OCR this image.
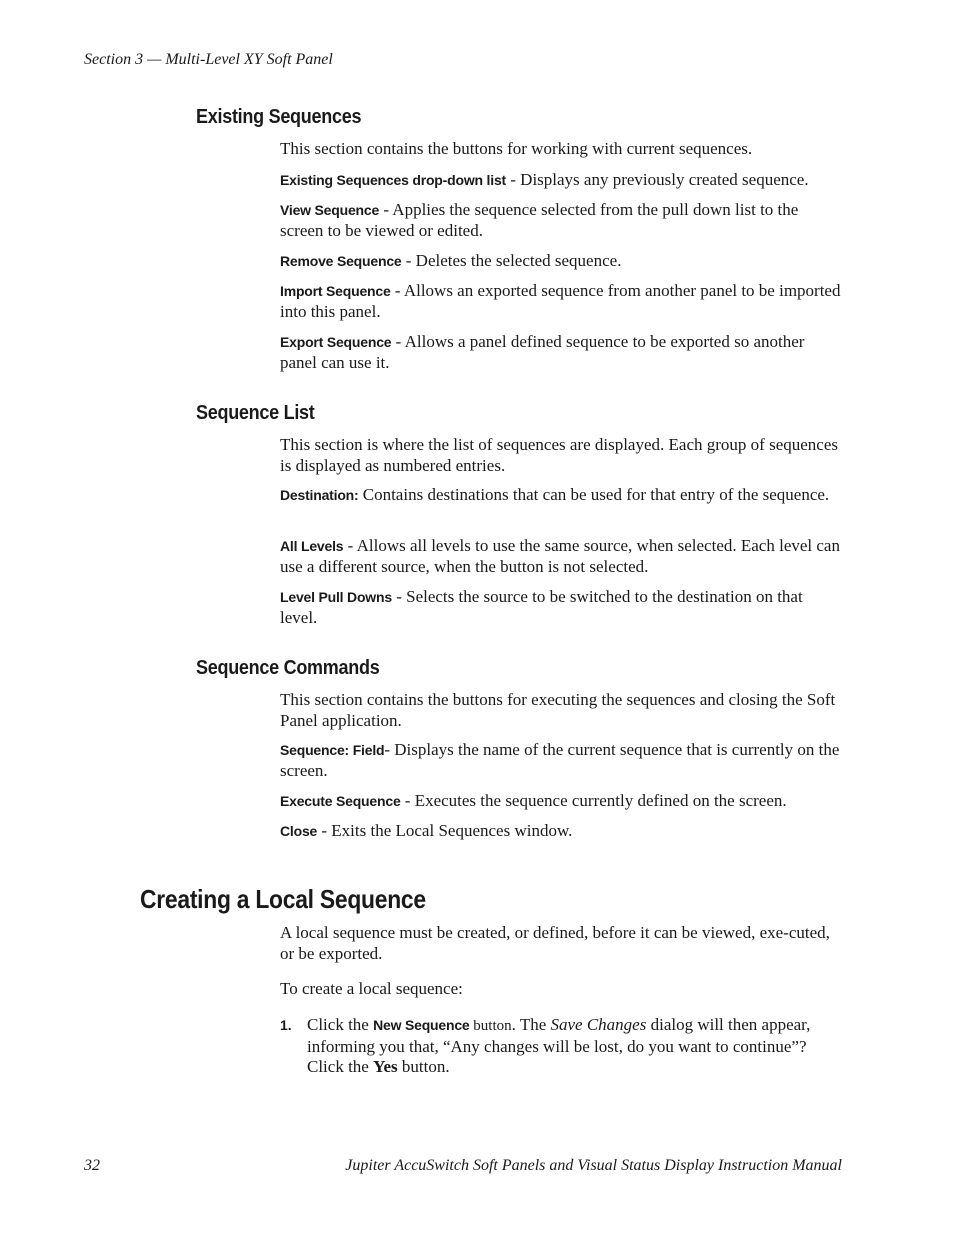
Section 3 — Multi-Level XY Soft Panel
Existing Sequences

This section contains the buttons for working with current sequences.

Existing Sequences drop-down list - Displays any previously created sequence.

View Sequence - Applies the sequence selected from the pull down list to the screen to be viewed or edited.

Remove Sequence - Deletes the selected sequence.

Import Sequence - Allows an exported sequence from another panel to be imported into this panel.

Export Sequence - Allows a panel defined sequence to be exported so another panel can use it.

Sequence List

This section is where the list of sequences are displayed. Each group of sequences is displayed as numbered entries.

Destination: Contains destinations that can be used for that entry of the sequence.

All Levels - Allows all levels to use the same source, when selected. Each level can use a different source, when the button is not selected.

Level Pull Downs - Selects the source to be switched to the destination on that level.

Sequence Commands

This section contains the buttons for executing the sequences and closing the Soft Panel application.

Sequence: Field- Displays the name of the current sequence that is currently on the screen.

Execute Sequence - Executes the sequence currently defined on the screen.

Close - Exits the Local Sequences window.

Creating a Local Sequence

A local sequence must be created, or defined, before it can be viewed, exe-cuted, or be exported.

To create a local sequence:

1. Click the New Sequence button. The Save Changes dialog will then appear, informing you that, “Any changes will be lost, do you want to continue”? Click the Yes button.
32	Jupiter AccuSwitch Soft Panels and Visual Status Display Instruction Manual
